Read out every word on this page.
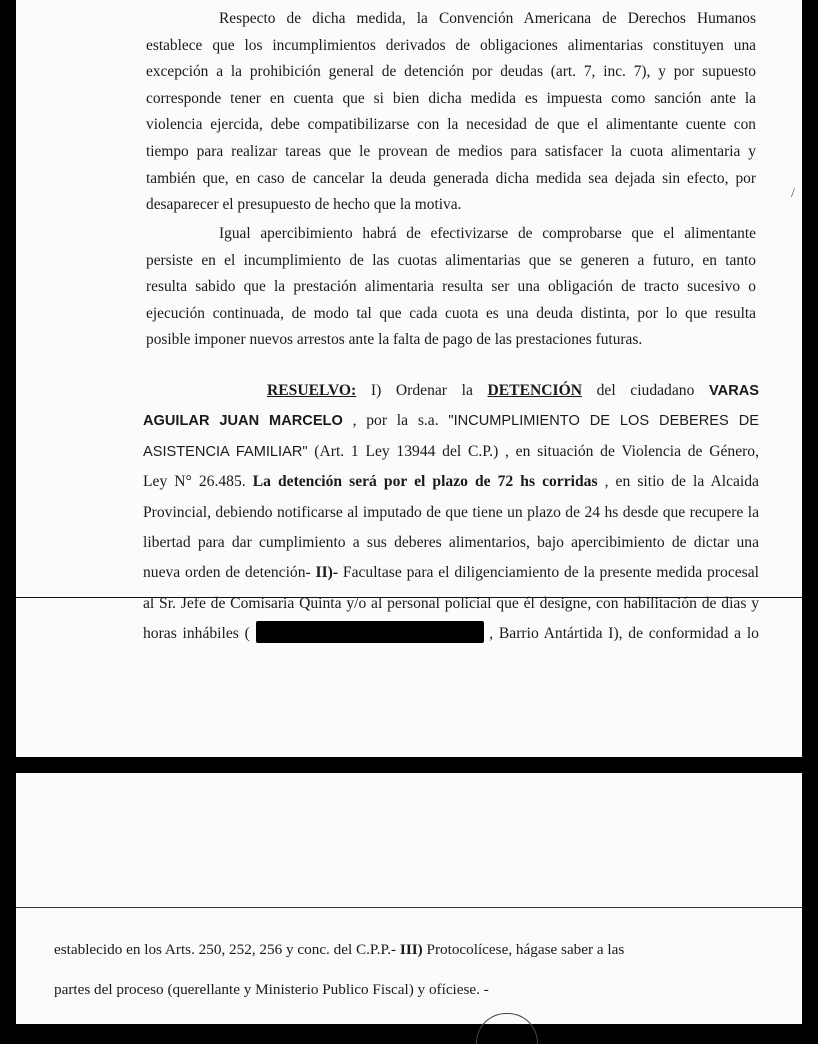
Respecto de dicha medida, la Convención Americana de Derechos Humanos
establece que los incumplimientos derivados de obligaciones alimentarias constituyen una
excepción a la prohibición general de detención por deudas (art. 7, inc. 7), y por supuesto
corresponde tener en cuenta que si bien dicha medida es impuesta como sanción ante la
violencia ejercida, debe compatibilizarse con la necesidad de que el alimentante cuente con
tiempo para realizar tareas que le provean de medios para satisfacer la cuota alimentaria y
también que, en caso de cancelar la deuda generada dicha medida sea dejada sin efecto, por
desaparecer el presupuesto de hecho que la motiva.
/
Igual apercibimiento habrá de efectivizarse de comprobarse que el alimentante
persiste en el incumplimiento de las cuotas alimentarias que se generen a futuro, en tanto
resulta sabido que la prestación alimentaria resulta ser una obligación de tracto sucesivo o
ejecución continuada, de modo tal que cada cuota es una deuda distinta, por lo que resulta
posible imponer nuevos arrestos ante la falta de pago de las prestaciones futuras.
RESUELVO: I) Ordenar la DETENCIÓN del ciudadano VARAS
AGUILAR JUAN MARCELO , por la s.a. "INCUMPLIMIENTO DE LOS DEBERES DE
ASISTENCIA FAMILIAR" (Art. 1 Ley 13944 del C.P.) , en situación de Violencia de Género,
Ley N° 26.485. La detención será por el plazo de 72 hs corridas , en sitio de la Alcaida
Provincial, debiendo notificarse al imputado de que tiene un plazo de 24 hs desde que recupere la
libertad para dar cumplimiento a sus deberes alimentarios, bajo apercibimiento de dictar una
nueva orden de detención- II)- Facultase para el diligenciamiento de la presente medida procesal
al Sr. Jefe de Comisaria Quinta y/o al personal policial que él designe, con habilitación de días y
horas inhábiles (	, Barrio Antártida I), de conformidad a lo
establecido en los Arts. 250, 252, 256 y conc. del C.P.P.- III) Protocolícese, hágase saber a las
partes del proceso (querellante y Ministerio Publico Fiscal) y ofíciese. -
